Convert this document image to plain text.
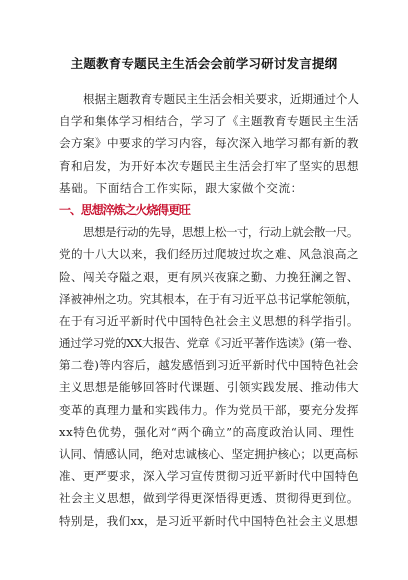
主题教育专题民主生活会会前学习研讨发言提纲
根据主题教育专题民主生活会相关要求，近期通过个人
自学和集体学习相结合，学习了《主题教育专题民主生活
会方案》中要求的学习内容，每次深入地学习都有新的教
育和启发，为开好本次专题民主生活会打牢了坚实的思想
基础。下面结合工作实际，跟大家做个交流：
一、思想淬炼之火烧得更旺
思想是行动的先导，思想上松一寸，行动上就会散一尺。
党的十八大以来，我们经历过爬坡过坎之难、风急浪高之
险、闯关夺隘之艰，更有夙兴夜寐之勤、力挽狂澜之智、
泽被神州之功。究其根本，在于有习近平总书记掌舵领航，
在于有习近平新时代中国特色社会主义思想的科学指引。
通过学习党的XX大报告、党章《习近平著作选读》(第一卷、
第二卷)等内容后，越发感悟到习近平新时代中国特色社会
主义思想是能够回答时代课题、引领实践发展、推动伟大
变革的真理力量和实践伟力。作为党员干部，要充分发挥
xx特色优势，强化对“两个确立”的高度政治认同、理性
认同、情感认同，绝对忠诚核心、坚定拥护核心；以更高标
准、更严要求，深入学习宣传贯彻习近平新时代中国特色
社会主义思想，做到学得更深悟得更透、贯彻得更到位。
特别是，我们xx，是习近平新时代中国特色社会主义思想
